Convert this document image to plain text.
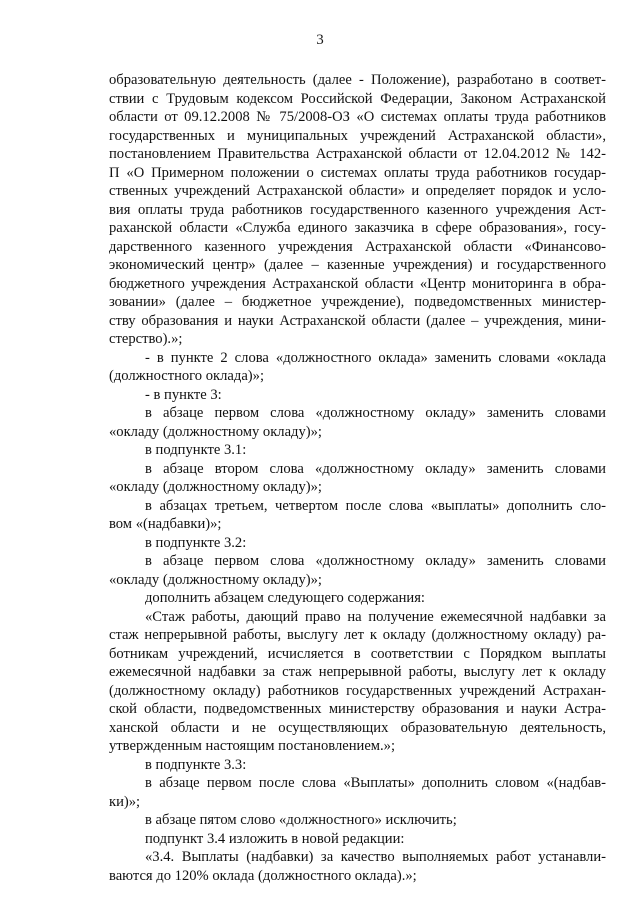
3

образовательную деятельность (далее - Положение), разработано в соответ-

ствии с Трудовым кодексом Российской Федерации, Законом Астраханской

области от 09.12.2008 № 75/2008-ОЗ «О системах оплаты труда работников

государственных и муниципальных учреждений Астраханской области»,

постановлением Правительства Астраханской области от 12.04.2012 № 142-

П «О Примерном положении о системах оплаты труда работников государ-

ственных учреждений Астраханской области» и определяет порядок и усло-

вия оплаты труда работников государственного казенного учреждения Аст-

раханской области «Служба единого заказчика в сфере образования», госу-

дарственного казенного учреждения Астраханской области «Финансово-

экономический центр» (далее – казенные учреждения) и государственного

бюджетного учреждения Астраханской области «Центр мониторинга в обра-

зовании» (далее – бюджетное учреждение), подведомственных министер-

ству образования и науки Астраханской области (далее – учреждения, мини-

стерство).»;

- в пункте 2 слова «должностного оклада» заменить словами «оклада

(должностного оклада)»;

- в пункте 3:

в абзаце первом слова «должностному окладу» заменить словами

«окладу (должностному окладу)»;

в подпункте 3.1:

в абзаце втором слова «должностному окладу» заменить словами

«окладу (должностному окладу)»;

в абзацах третьем, четвертом после слова «выплаты» дополнить сло-

вом «(надбавки)»;

в подпункте 3.2:

в абзаце первом слова «должностному окладу» заменить словами

«окладу (должностному окладу)»;

дополнить абзацем следующего содержания:

«Стаж работы, дающий право на получение ежемесячной надбавки за

стаж непрерывной работы, выслугу лет к окладу (должностному окладу) ра-

ботникам учреждений, исчисляется в соответствии с Порядком выплаты

ежемесячной надбавки за стаж непрерывной работы, выслугу лет к окладу

(должностному окладу) работников государственных учреждений Астрахан-

ской области, подведомственных министерству образования и науки Астра-

ханской области и не осуществляющих образовательную деятельность,

утвержденным настоящим постановлением.»;

в подпункте 3.3:

в абзаце первом после слова «Выплаты» дополнить словом «(надбав-

ки)»;

в абзаце пятом слово «должностного» исключить;

подпункт 3.4 изложить в новой редакции:

«3.4. Выплаты (надбавки) за качество выполняемых работ устанавли-

ваются до 120% оклада (должностного оклада).»;
